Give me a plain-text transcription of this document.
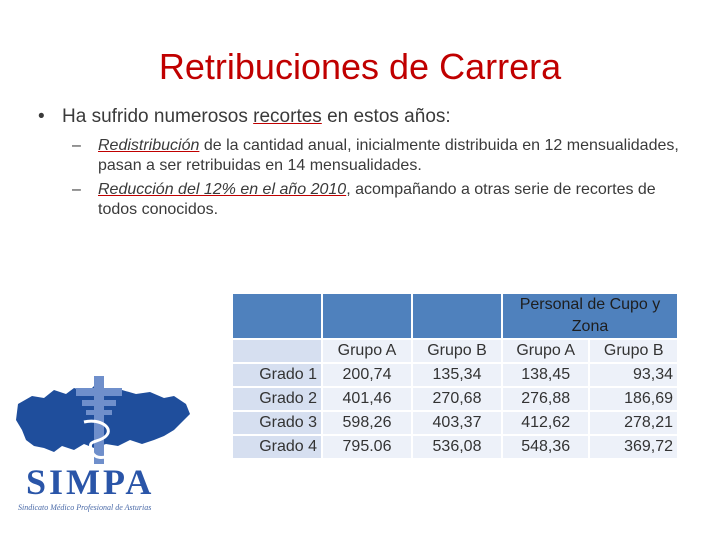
Retribuciones de Carrera
• Ha sufrido numerosos recortes en estos años:
–	Redistribución de la cantidad anual, inicialmente distribuida en 12 mensualidades, pasan a ser retribuidas en 14 mensualidades.
–	Reducción del 12% en el año 2010, acompañando a otras serie de recortes de todos conocidos.
			Personal de Cupo y Zona	

	Grupo A	Grupo B	Grupo A	Grupo B
Grado 1	200,74	135,34	138,45	93,34
Grado 2	401,46	270,68	276,88	186,69
Grado 3	598,26	403,37	412,62	278,21
Grado 4	795.06	536,08	548,36	369,72
SIMPA
Sindicato Médico Profesional de Asturias
